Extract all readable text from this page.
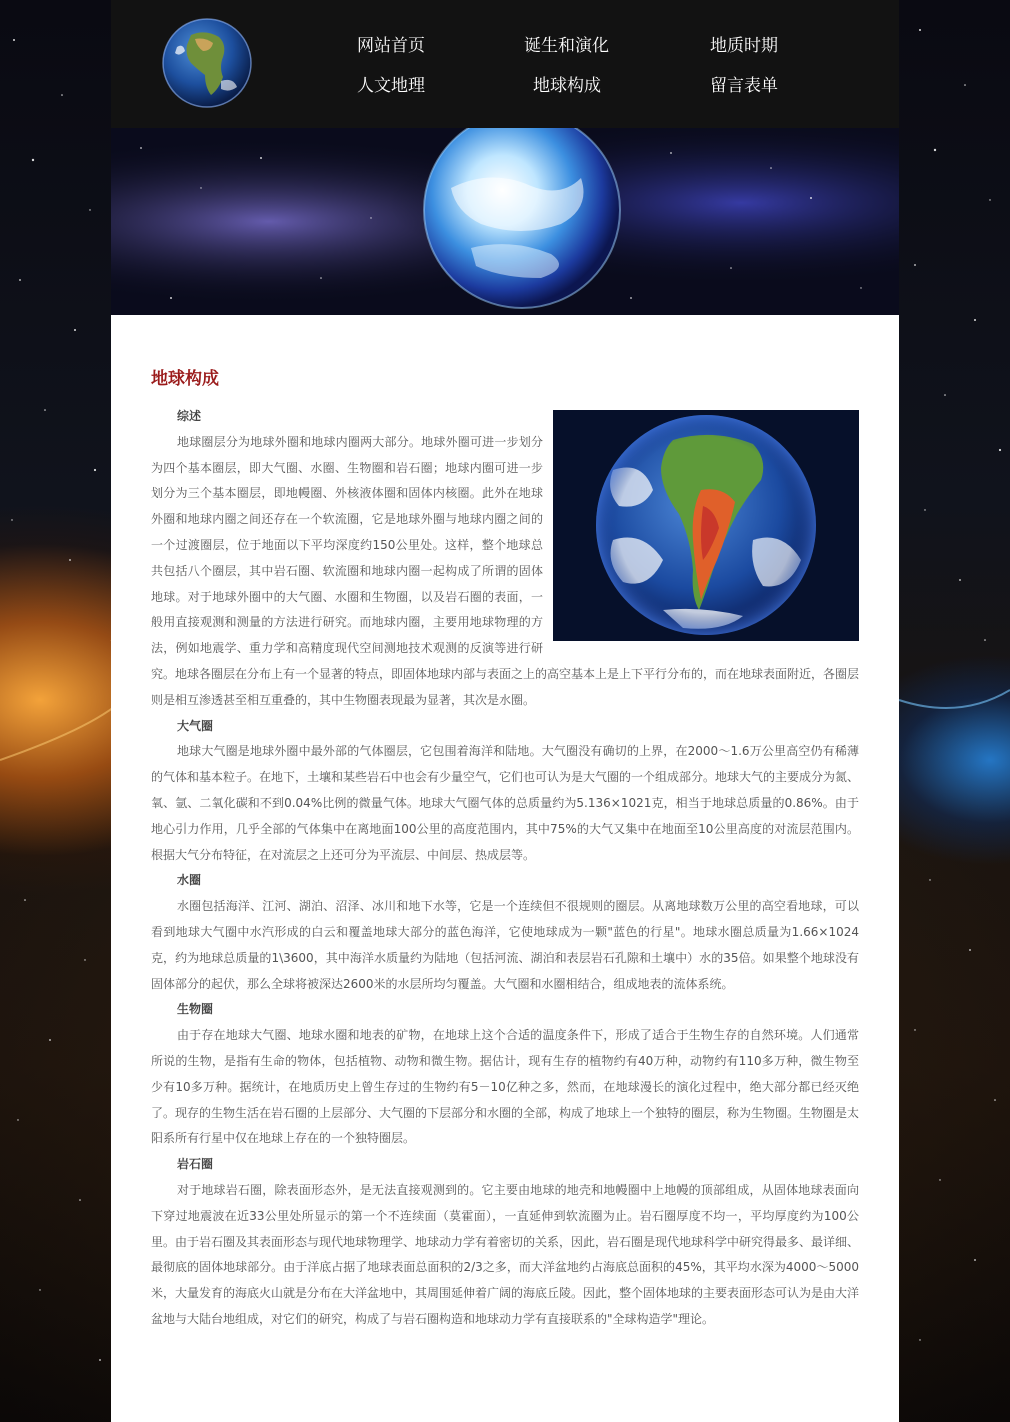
网站首页	诞生和演化	地质时期
人文地理	地球构成	留言表单
地球构成

综述

地球圈层分为地球外圈和地球内圈两大部分。地球外圈可进一步划分为四个基本圈层，即大气圈、水圈、生物圈和岩石圈；地球内圈可进一步划分为三个基本圈层，即地幔圈、外核液体圈和固体内核圈。此外在地球外圈和地球内圈之间还存在一个软流圈，它是地球外圈与地球内圈之间的一个过渡圈层，位于地面以下平均深度约150公里处。这样，整个地球总共包括八个圈层，其中岩石圈、软流圈和地球内圈一起构成了所谓的固体地球。对于地球外圈中的大气圈、水圈和生物圈，以及岩石圈的表面，一般用直接观测和测量的方法进行研究。而地球内圈，主要用地球物理的方法，例如地震学、重力学和高精度现代空间测地技术观测的反演等进行研究。地球各圈层在分布上有一个显著的特点，即固体地球内部与表面之上的高空基本上是上下平行分布的，而在地球表面附近，各圈层则是相互渗透甚至相互重叠的，其中生物圈表现最为显著，其次是水圈。

大气圈

地球大气圈是地球外圈中最外部的气体圈层，它包围着海洋和陆地。大气圈没有确切的上界，在2000～1.6万公里高空仍有稀薄的气体和基本粒子。在地下，土壤和某些岩石中也会有少量空气，它们也可认为是大气圈的一个组成部分。地球大气的主要成分为氮、氧、氩、二氧化碳和不到0.04%比例的微量气体。地球大气圈气体的总质量约为5.136×1021克，相当于地球总质量的0.86%。由于地心引力作用，几乎全部的气体集中在离地面100公里的高度范围内，其中75%的大气又集中在地面至10公里高度的对流层范围内。根据大气分布特征，在对流层之上还可分为平流层、中间层、热成层等。

水圈

水圈包括海洋、江河、湖泊、沼泽、冰川和地下水等，它是一个连续但不很规则的圈层。从离地球数万公里的高空看地球，可以看到地球大气圈中水汽形成的白云和覆盖地球大部分的蓝色海洋，它使地球成为一颗"蓝色的行星"。地球水圈总质量为1.66×1024克，约为地球总质量的1\3600，其中海洋水质量约为陆地（包括河流、湖泊和表层岩石孔隙和土壤中）水的35倍。如果整个地球没有固体部分的起伏，那么全球将被深达2600米的水层所均匀覆盖。大气圈和水圈相结合，组成地表的流体系统。

生物圈

由于存在地球大气圈、地球水圈和地表的矿物，在地球上这个合适的温度条件下，形成了适合于生物生存的自然环境。人们通常所说的生物，是指有生命的物体，包括植物、动物和微生物。据估计，现有生存的植物约有40万种，动物约有110多万种，微生物至少有10多万种。据统计，在地质历史上曾生存过的生物约有5－10亿种之多，然而，在地球漫长的演化过程中，绝大部分都已经灭绝了。现存的生物生活在岩石圈的上层部分、大气圈的下层部分和水圈的全部，构成了地球上一个独特的圈层，称为生物圈。生物圈是太阳系所有行星中仅在地球上存在的一个独特圈层。

岩石圈

对于地球岩石圈，除表面形态外，是无法直接观测到的。它主要由地球的地壳和地幔圈中上地幔的顶部组成，从固体地球表面向下穿过地震波在近33公里处所显示的第一个不连续面（莫霍面），一直延伸到软流圈为止。岩石圈厚度不均一，平均厚度约为100公里。由于岩石圈及其表面形态与现代地球物理学、地球动力学有着密切的关系，因此，岩石圈是现代地球科学中研究得最多、最详细、最彻底的固体地球部分。由于洋底占据了地球表面总面积的2/3之多，而大洋盆地约占海底总面积的45%，其平均水深为4000～5000米，大量发育的海底火山就是分布在大洋盆地中，其周围延伸着广阔的海底丘陵。因此，整个固体地球的主要表面形态可认为是由大洋盆地与大陆台地组成，对它们的研究，构成了与岩石圈构造和地球动力学有直接联系的"全球构造学"理论。
